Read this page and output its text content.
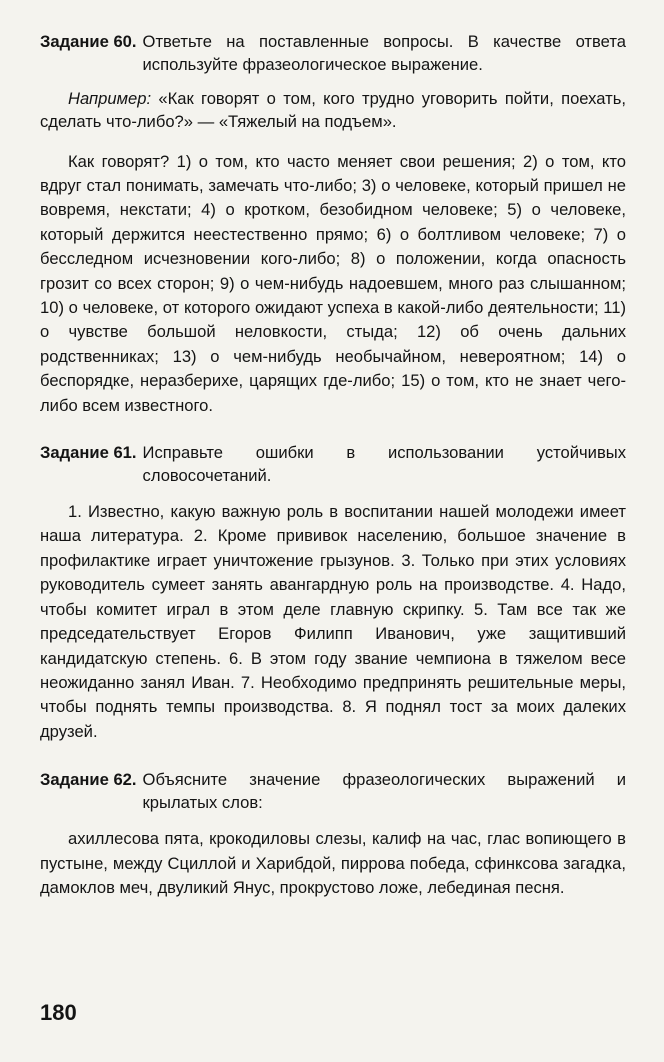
Задание 60. Ответьте на поставленные вопросы. В качестве ответа используйте фразеологическое выражение.

Например: «Как говорят о том, кого трудно уговорить пойти, поехать, сделать что-либо?» — «Тяжелый на подъем».

Как говорят? 1) о том, кто часто меняет свои решения; 2) о том, кто вдруг стал понимать, замечать что-либо; 3) о человеке, который пришел не вовремя, некстати; 4) о кротком, безобидном человеке; 5) о человеке, который держится неестественно прямо; 6) о болтливом человеке; 7) о бесследном исчезновении кого-либо; 8) о положении, когда опасность грозит со всех сторон; 9) о чем-нибудь надоевшем, много раз слышанном; 10) о человеке, от которого ожидают успеха в какой-либо деятельности; 11) о чувстве большой неловкости, стыда; 12) об очень дальних родственниках; 13) о чем-нибудь необычайном, невероятном; 14) о беспорядке, неразберихе, царящих где-либо; 15) о том, кто не знает чего-либо всем известного.

Задание 61. Исправьте ошибки в использовании устойчивых словосочетаний.

1. Известно, какую важную роль в воспитании нашей молодежи имеет наша литература. 2. Кроме прививок населению, большое значение в профилактике играет уничтожение грызунов. 3. Только при этих условиях руководитель сумеет занять авангардную роль на производстве. 4. Надо, чтобы комитет играл в этом деле главную скрипку. 5. Там все так же председательствует Егоров Филипп Иванович, уже защитивший кандидатскую степень. 6. В этом году звание чемпиона в тяжелом весе неожиданно занял Иван. 7. Необходимо предпринять решительные меры, чтобы поднять темпы производства. 8. Я поднял тост за моих далеких друзей.

Задание 62. Объясните значение фразеологических выражений и крылатых слов:

ахиллесова пята, крокодиловы слезы, калиф на час, глас вопиющего в пустыне, между Сциллой и Харибдой, пиррова победа, сфинксова загадка, дамоклов меч, двуликий Янус, прокрустово ложе, лебединая песня.

180
